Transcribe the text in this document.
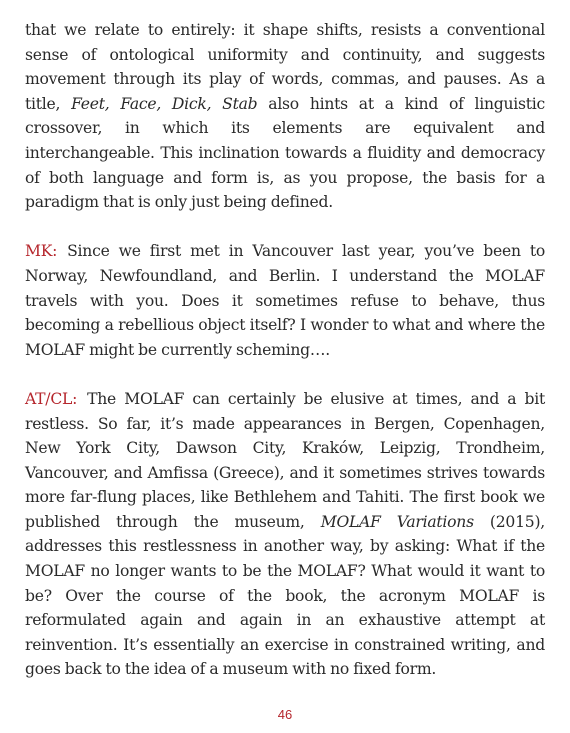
that we relate to entirely: it shape shifts, resists a conventional sense of ontological uniformity and continuity, and suggests movement through its play of words, commas, and pauses. As a title, Feet, Face, Dick, Stab also hints at a kind of linguistic crossover, in which its elements are equivalent and interchangeable. This inclination towards a fluidity and democracy of both language and form is, as you propose, the basis for a paradigm that is only just being defined.

MK: Since we first met in Vancouver last year, you’ve been to Norway, Newfoundland, and Berlin. I understand the MOLAF travels with you. Does it sometimes refuse to behave, thus becoming a rebellious object itself? I wonder to what and where the MOLAF might be currently scheming….

AT/CL: The MOLAF can certainly be elusive at times, and a bit restless. So far, it’s made appearances in Bergen, Copenhagen, New York City, Dawson City, Kraków, Leipzig, Trondheim, Vancouver, and Amfissa (Greece), and it sometimes strives towards more far-flung places, like Bethlehem and Tahiti. The first book we published through the museum, MOLAF Variations (2015), addresses this restlessness in another way, by asking: What if the MOLAF no longer wants to be the MOLAF? What would it want to be? Over the course of the book, the acronym MOLAF is reformulated again and again in an exhaustive attempt at reinvention. It’s essentially an exercise in constrained writing, and goes back to the idea of a museum with no fixed form.

46
